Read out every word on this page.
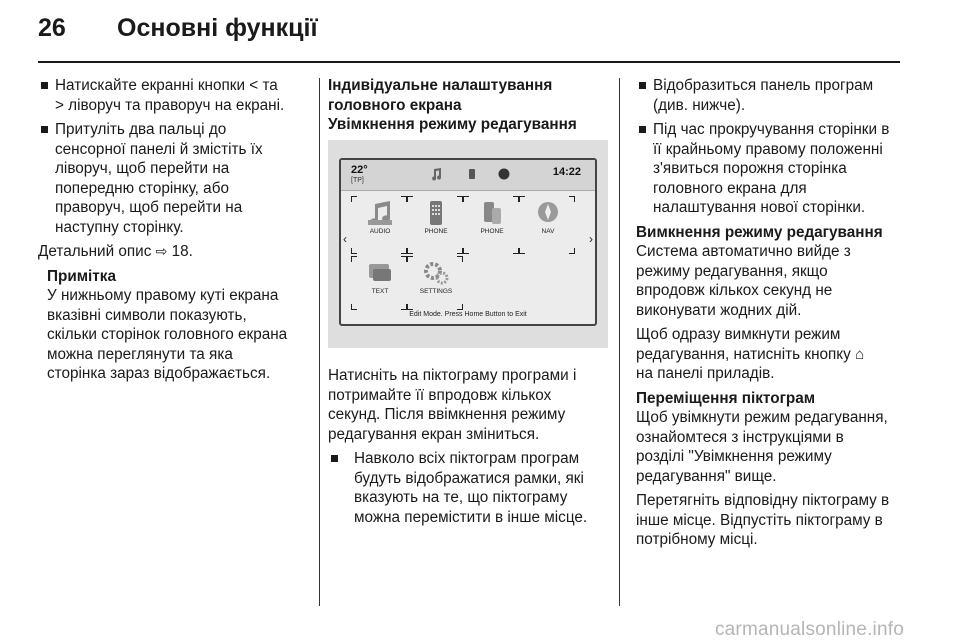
26 Основні функції
Натискайте екранні кнопки < та
> ліворуч та праворуч на екрані.
Притуліть два пальці до
сенсорної панелі й змістіть їх
ліворуч, щоб перейти на
попередню сторінку, або
праворуч, щоб перейти на
наступну сторінку.

Детальний опис ⇨ 18.

Примітка

У нижньому правому куті екрана
вказівні символи показують,
скільки сторінок головного екрана
можна переглянути та яка
сторінка зараз відображається.

Індивідуальне налаштування
головного екрана

Увімкнення режиму редагування

22°
[TP]
14:22
AUDIO	PHONE	PHONE	NAV
TEXT	SETTINGS
‹	›
Edit Mode. Press Home Button to Exit

Натисніть на піктограму програми і
потримайте її впродовж кількох
секунд. Після ввімкнення режиму
редагування екран зміниться.

Навколо всіх піктограм програм
будуть відображатися рамки, які
вказують на те, що піктограму
можна перемістити в інше місце.
Відобразиться панель програм
(див. нижче).
Під час прокручування сторінки в
її крайньому правому положенні
з'явиться порожня сторінка
головного екрана для
налаштування нової сторінки.

Вимкнення режиму редагування

Система автоматично вийде з
режиму редагування, якщо
впродовж кількох секунд не
виконувати жодних дій.

Щоб одразу вимкнути режим
редагування, натисніть кнопку ⌂

на панелі приладів.

Переміщення піктограм

Щоб увімкнути режим редагування,
ознайомтеся з інструкціями в
розділі "Увімкнення режиму
редагування" вище.

Перетягніть відповідну піктограму в
інше місце. Відпустіть піктограму в
потрібному місці.

carmanualsonline.info
